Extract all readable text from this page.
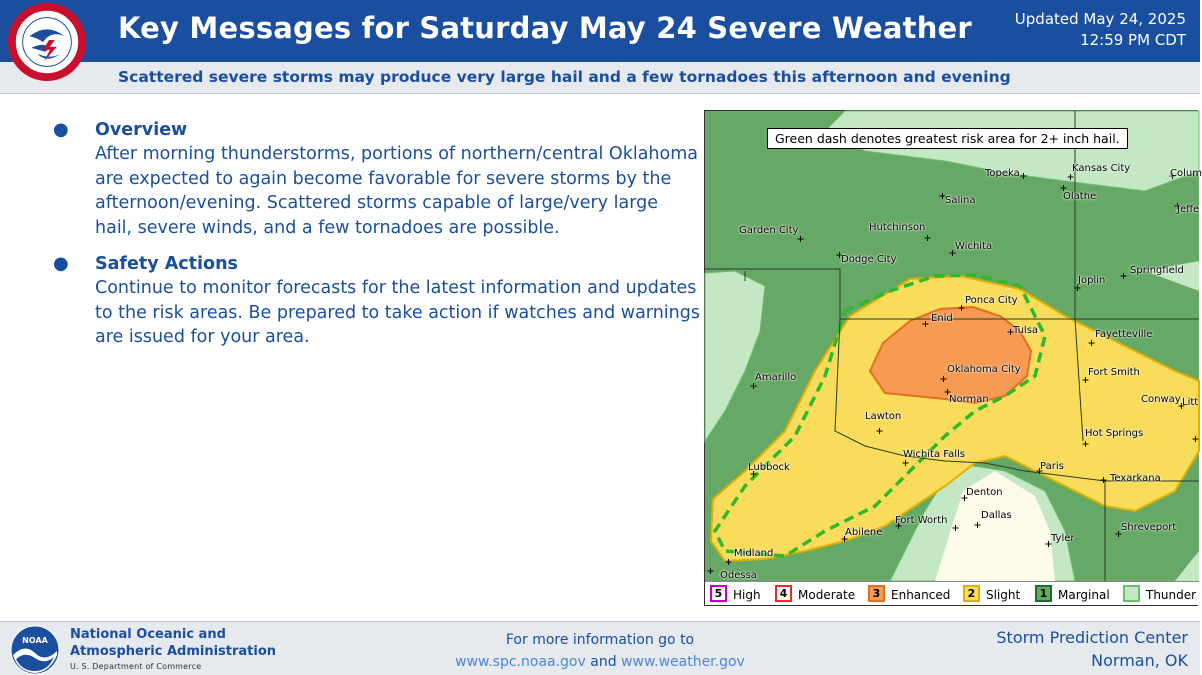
Key Messages for Saturday May 24 Severe Weather	Updated May 24, 2025
12:59 PM CDT
Scattered severe storms may produce very large hail and a few tornadoes this afternoon and evening
● Overview
After morning thunderstorms, portions of northern/central Oklahoma are expected to again become favorable for severe storms by the afternoon/evening. Scattered storms capable of large/very large hail, severe winds, and a few tornadoes are possible.
● Safety Actions
Continue to monitor forecasts for the latest information and updates to the risk areas. Be prepared to take action if watches and warnings are issued for your area.
Green dash denotes greatest risk area for 2+ inch hail.
Topeka	Kansas City	Colum
Salina	Olathe
Jeffe
Garden City	Hutchinson
Wichita
Dodge City
Joplin
Springfield
Ponca City
Enid
Tulsa	Fayetteville
Amarillo
Oklahoma City	Fort Smith
Norman	Conway Litt
Lawton
Hot Springs
Wichita Falls
Paris
Lubbock
Texarkana
Denton
Fort Worth	Dallas
Abilene	Shreveport
Tyler
Midland
Odessa
5 High	4 Moderate	3 Enhanced	2 Slight	1 Marginal	Thunder
NOAA National Oceanic and
Atmospheric Administration
U. S. Department of Commerce
For more information go to
www.spc.noaa.gov and www.weather.gov
Storm Prediction Center
Norman, OK
